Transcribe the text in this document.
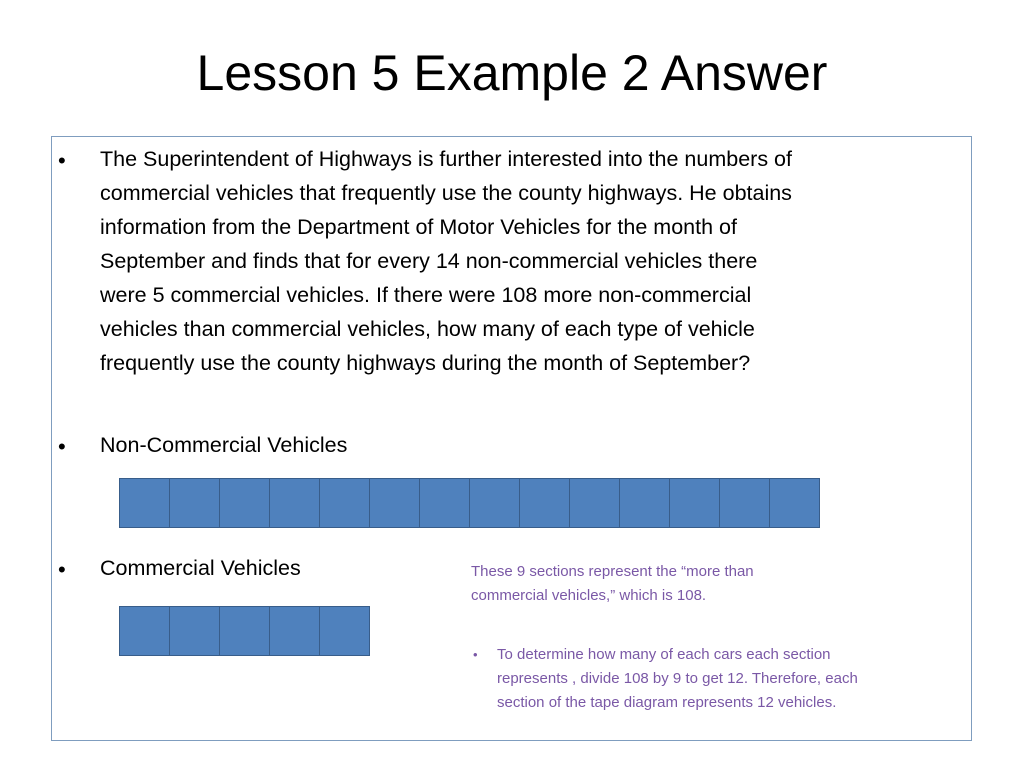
Lesson 5 Example 2 Answer
• The Superintendent of Highways is further interested into the numbers of
commercial vehicles that frequently use the county highways. He obtains
information from the Department of Motor Vehicles for the month of
September and finds that for every 14 non-commercial vehicles there
were 5 commercial vehicles. If there were 108 more non-commercial
vehicles than commercial vehicles, how many of each type of vehicle
frequently use the county highways during the month of September?
• Non-Commercial Vehicles
• Commercial Vehicles	These 9 sections represent the “more than
commercial vehicles,” which is 108.
• To determine how many of each cars each section
represents , divide 108 by 9 to get 12. Therefore, each
section of the tape diagram represents 12 vehicles.
